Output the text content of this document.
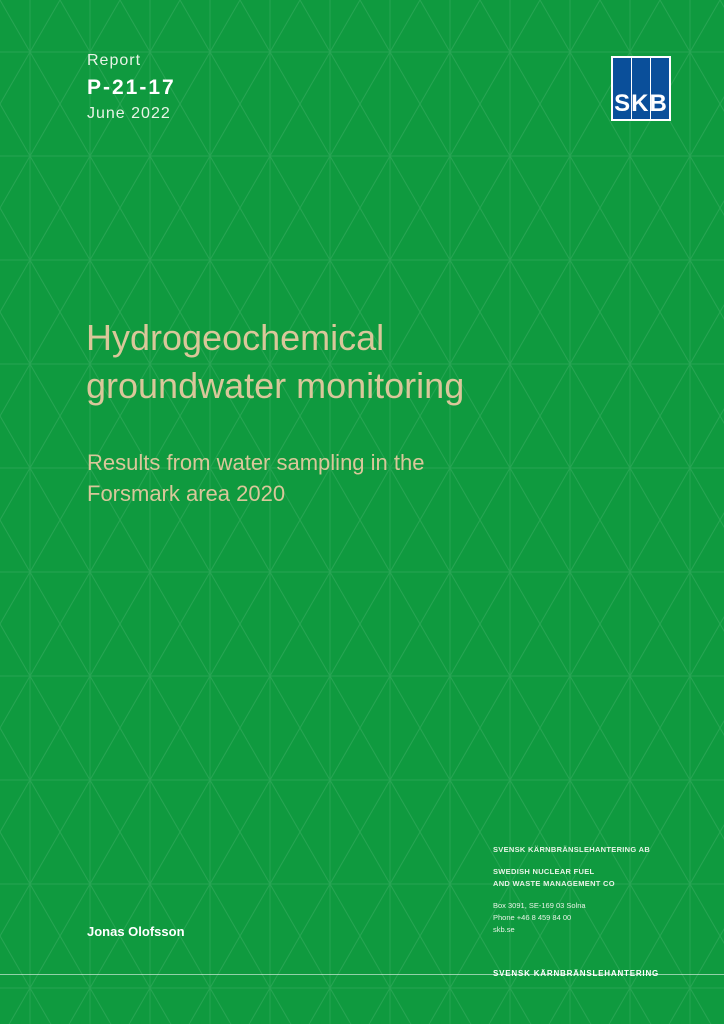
Report
P-21-17
June 2022	SKB
Hydrogeochemical
groundwater monitoring
Results from water sampling in the
Forsmark area 2020
Jonas Olofsson
SVENSK KÄRNBRÄNSLEHANTERING AB
SWEDISH NUCLEAR FUEL
AND WASTE MANAGEMENT CO
Box 3091, SE-169 03 Solna
Phone +46 8 459 84 00
skb.se
SVENSK KÄRNBRÄNSLEHANTERING
